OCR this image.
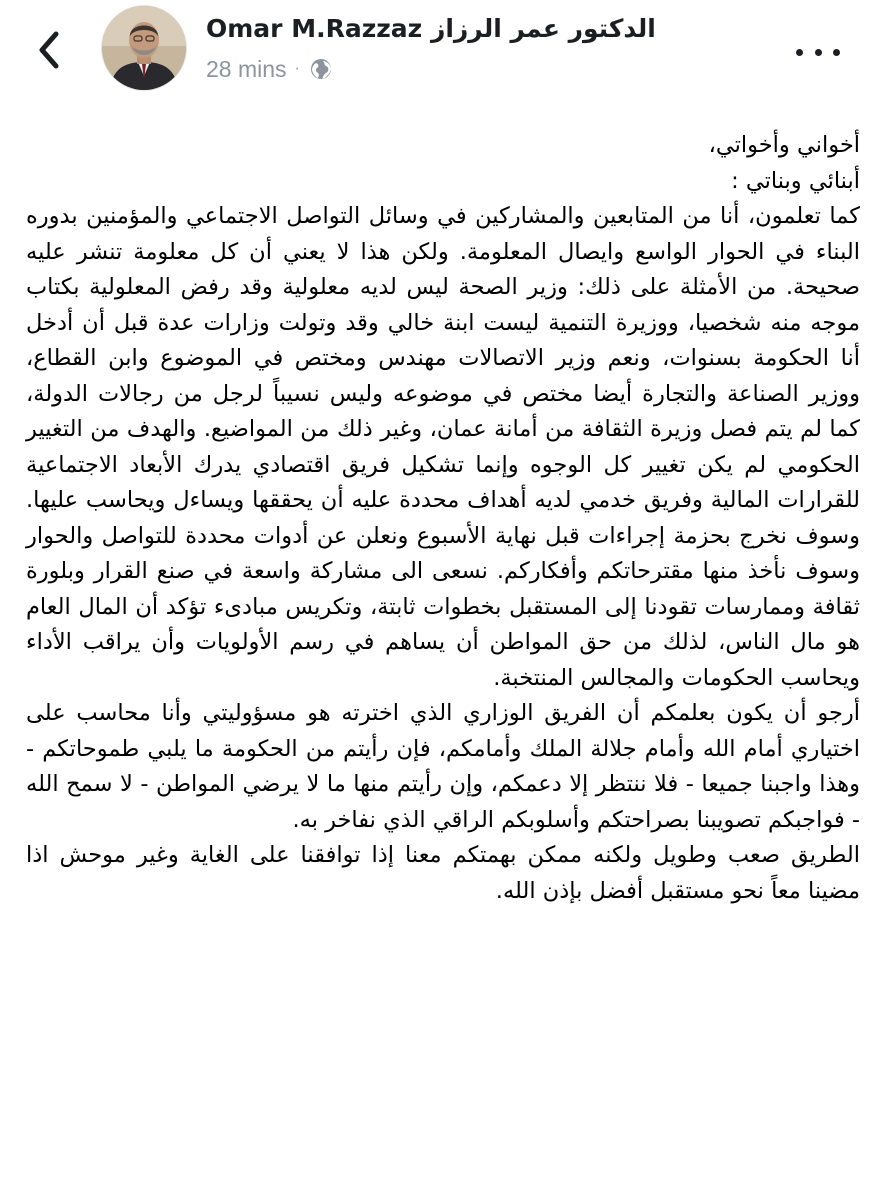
Omar M.Razzaz الدكتور عمر الرزاز
28 mins ·

أخواني وأخواتي،

أبنائي وبناتي :

كما تعلمون، أنا من المتابعين والمشاركين في وسائل التواصل الاجتماعي والمؤمنين بدوره البناء في الحوار الواسع وايصال المعلومة. ولكن هذا لا يعني أن كل معلومة تنشر عليه صحيحة. من الأمثلة على ذلك: وزير الصحة ليس لديه معلولية وقد رفض المعلولية بكتاب موجه منه شخصيا، ووزيرة التنمية ليست ابنة خالي وقد وتولت وزارات عدة قبل أن أدخل أنا الحكومة بسنوات، ونعم وزير الاتصالات مهندس ومختص في الموضوع وابن القطاع، ووزير الصناعة والتجارة أيضا مختص في موضوعه وليس نسيباً لرجل من رجالات الدولة، كما لم يتم فصل وزيرة الثقافة من أمانة عمان، وغير ذلك من المواضيع. والهدف من التغيير الحكومي لم يكن تغيير كل الوجوه وإنما تشكيل فريق اقتصادي يدرك الأبعاد الاجتماعية للقرارات المالية وفريق خدمي لديه أهداف محددة عليه أن يحققها ويساءل ويحاسب عليها. وسوف نخرج بحزمة إجراءات قبل نهاية الأسبوع ونعلن عن أدوات محددة للتواصل والحوار وسوف نأخذ منها مقترحاتكم وأفكاركم. نسعى الى مشاركة واسعة في صنع القرار وبلورة ثقافة وممارسات تقودنا إلى المستقبل بخطوات ثابتة، وتكريس مبادىء تؤكد أن المال العام هو مال الناس، لذلك من حق المواطن أن يساهم في رسم الأولويات وأن يراقب الأداء ويحاسب الحكومات والمجالس المنتخبة.

أرجو أن يكون بعلمكم أن الفريق الوزاري الذي اخترته هو مسؤوليتي وأنا محاسب على اختياري أمام الله وأمام جلالة الملك وأمامكم، فإن رأيتم من الحكومة ما يلبي طموحاتكم - وهذا واجبنا جميعا - فلا ننتظر إلا دعمكم، وإن رأيتم منها ما لا يرضي المواطن - لا سمح الله - فواجبكم تصويبنا بصراحتكم وأسلوبكم الراقي الذي نفاخر به.

الطريق صعب وطويل ولكنه ممكن بهمتكم معنا إذا توافقنا على الغاية وغير موحش اذا مضينا معاً نحو مستقبل أفضل بإذن الله.
